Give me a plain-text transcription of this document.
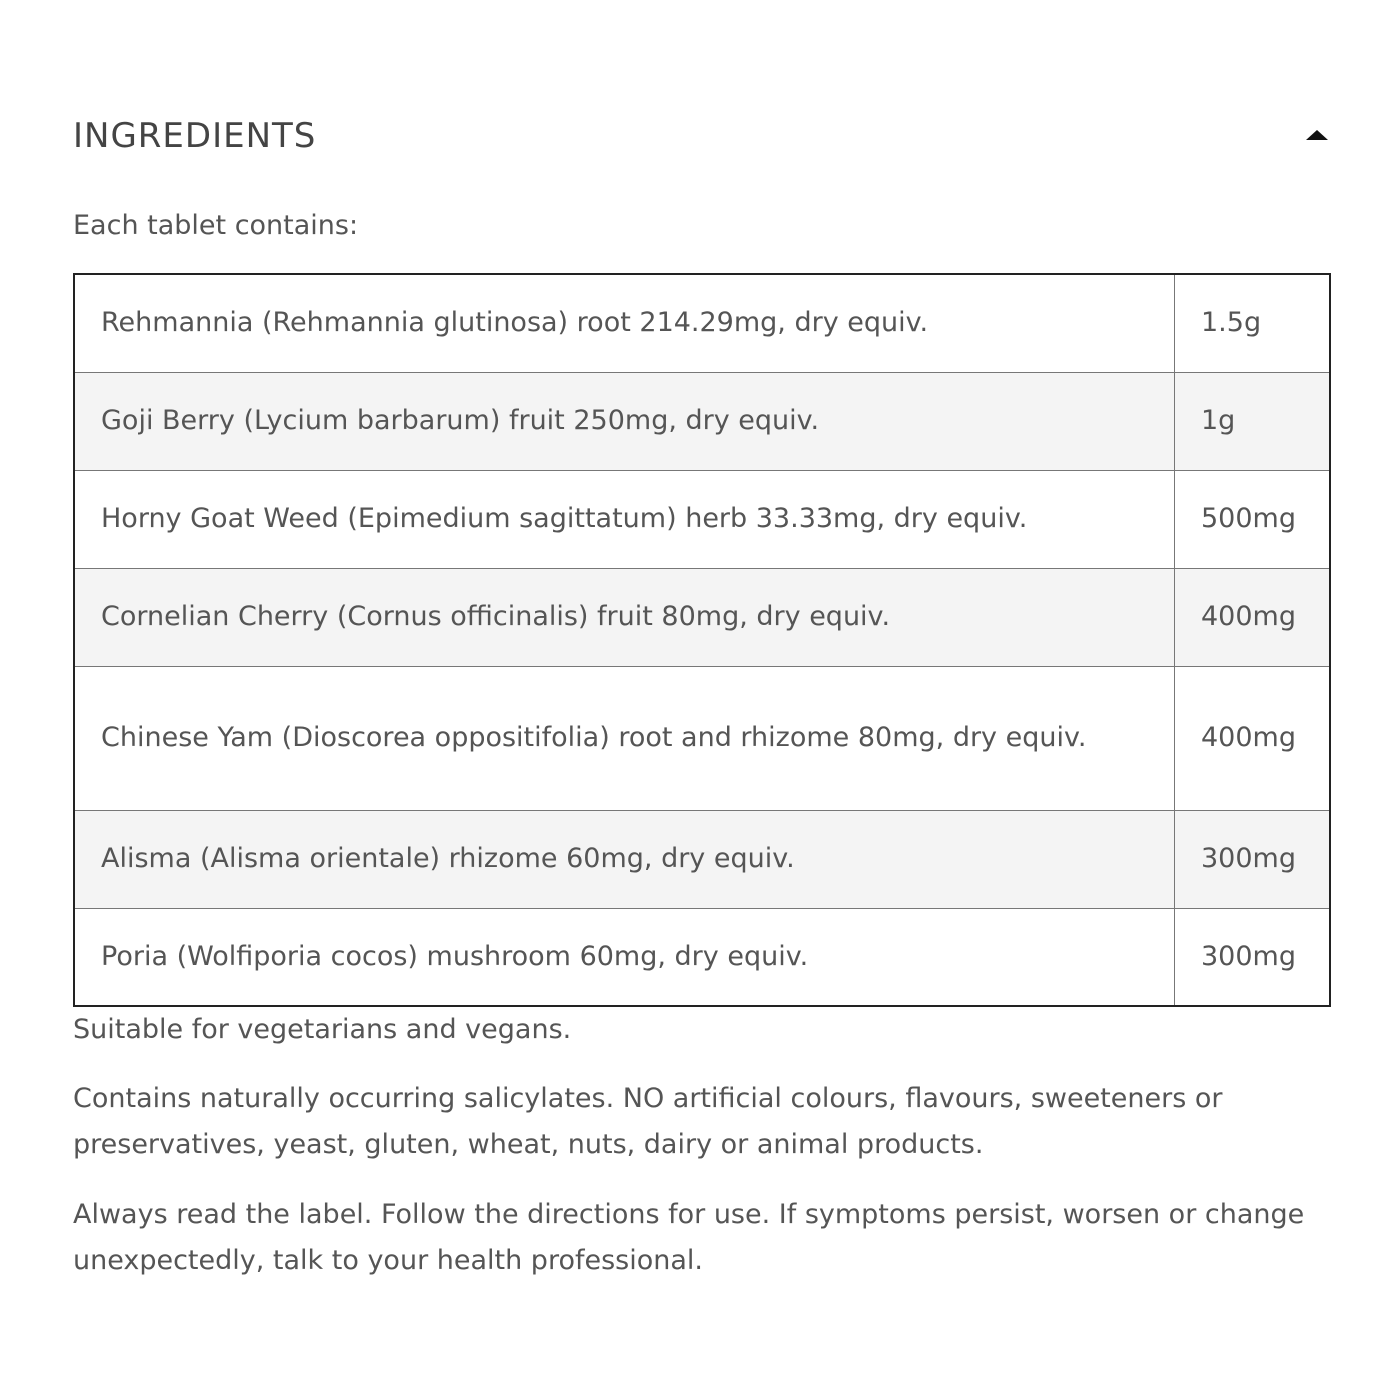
INGREDIENTS
Each tablet contains:
Rehmannia (Rehmannia glutinosa) root 214.29mg, dry equiv.	1.5g
Goji Berry (Lycium barbarum) fruit 250mg, dry equiv.	1g
Horny Goat Weed (Epimedium sagittatum) herb 33.33mg, dry equiv.	500mg
Cornelian Cherry (Cornus officinalis) fruit 80mg, dry equiv.	400mg
Chinese Yam (Dioscorea oppositifolia) root and rhizome 80mg, dry equiv.	400mg
Alisma (Alisma orientale) rhizome 60mg, dry equiv.	300mg
Poria (Wolfiporia cocos) mushroom 60mg, dry equiv.	300mg

Suitable for vegetarians and vegans.

Contains naturally occurring salicylates. NO artificial colours, flavours, sweeteners or preservatives, yeast, gluten, wheat, nuts, dairy or animal products.

Always read the label. Follow the directions for use. If symptoms persist, worsen or change unexpectedly, talk to your health professional.
